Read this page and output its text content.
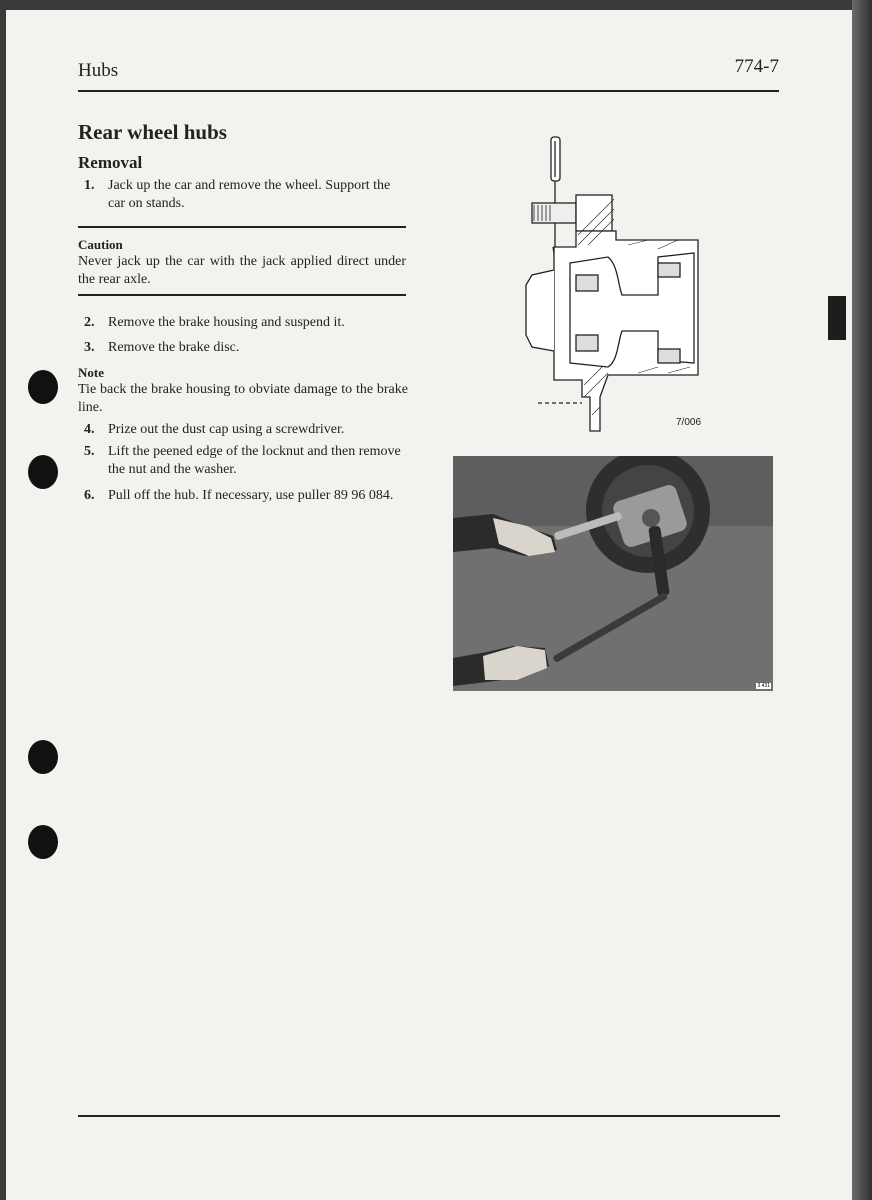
Hubs	774-7
Rear wheel hubs
Removal
1. Jack up the car and remove the wheel. Support the car on stands.
Caution
Never jack up the car with the jack applied direct under the rear axle.
2. Remove the brake housing and suspend it.
3. Remove the brake disc.
Note
Tie back the brake housing to obviate damage to the brake line.
4. Prize out the dust cap using a screwdriver.
5. Lift the peened edge of the locknut and then remove the nut and the washer.
6. Pull off the hub. If necessary, use puller 89 96 084.
7/006
3 431
